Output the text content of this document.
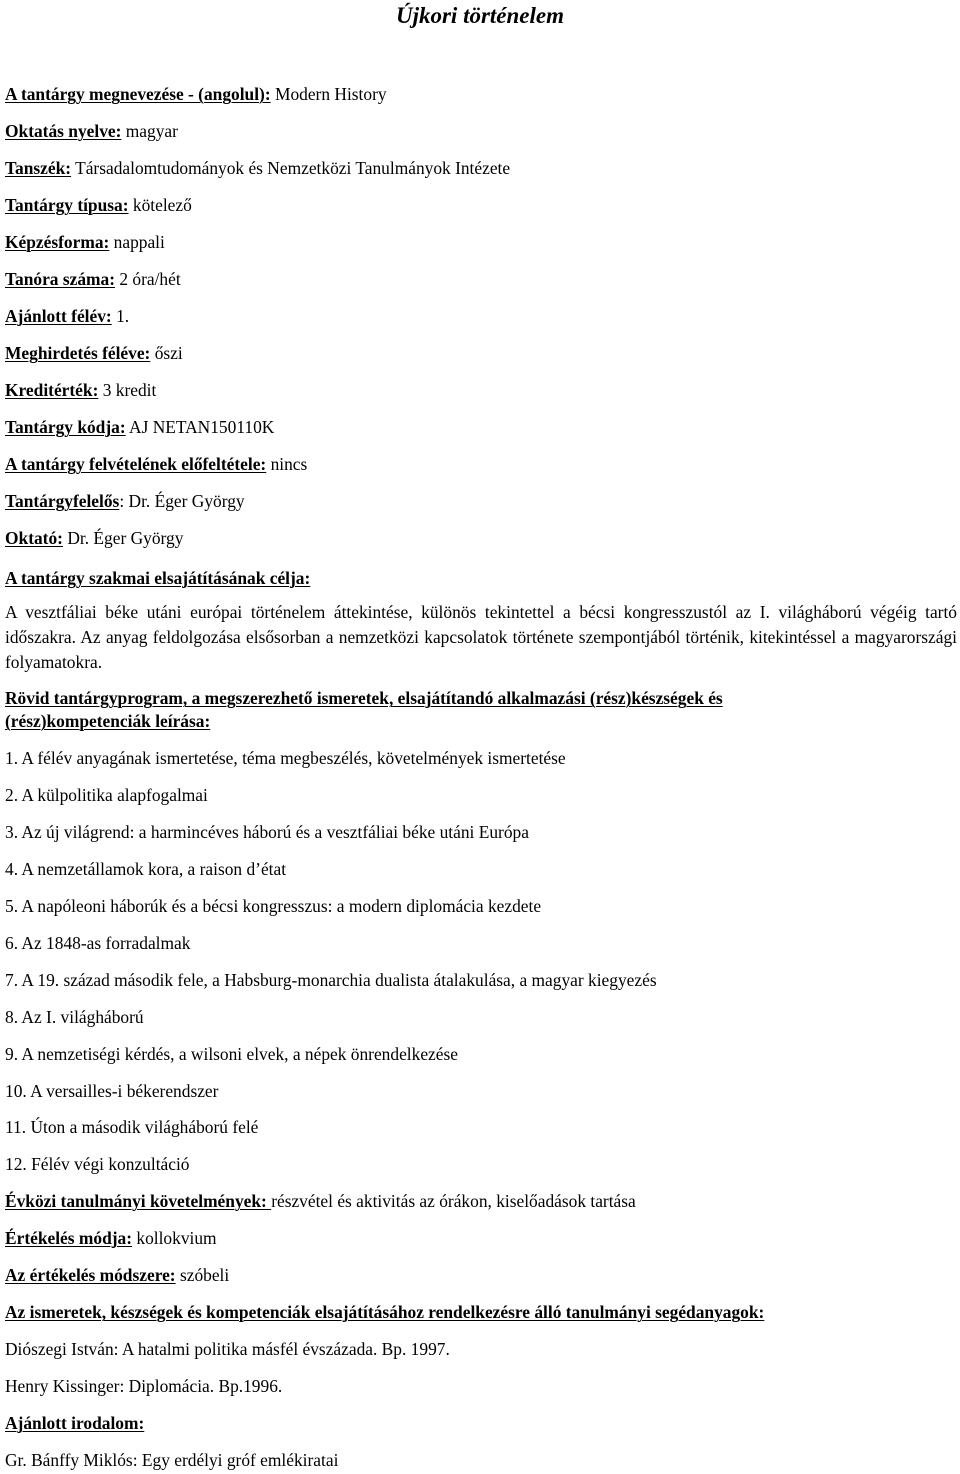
Újkori történelem
A tantárgy megnevezése - (angolul): Modern History
Oktatás nyelve: magyar
Tanszék: Társadalomtudományok és Nemzetközi Tanulmányok Intézete
Tantárgy típusa: kötelező
Képzésforma: nappali
Tanóra száma: 2 óra/hét
Ajánlott félév: 1.
Meghirdetés féléve: őszi
Kreditérték: 3 kredit
Tantárgy kódja: AJ NETAN150110K
A tantárgy felvételének előfeltétele: nincs
Tantárgyfelelős: Dr. Éger György
Oktató: Dr. Éger György
A tantárgy szakmai elsajátításának célja:
A vesztfáliai béke utáni európai történelem áttekintése, különös tekintettel a bécsi kongresszustól az I. világháború végéig tartó időszakra. Az anyag feldolgozása elsősorban a nemzetközi kapcsolatok története szempontjából történik, kitekintéssel a magyarországi folyamatokra.
Rövid tantárgyprogram, a megszerezhető ismeretek, elsajátítandó alkalmazási (rész)készségek és
(rész)kompetenciák leírása:
1. A félév anyagának ismertetése, téma megbeszélés, követelmények ismertetése
2. A külpolitika alapfogalmai
3. Az új világrend: a harmincéves háború és a vesztfáliai béke utáni Európa
4. A nemzetállamok kora, a raison d’état
5. A napóleoni háborúk és a bécsi kongresszus: a modern diplomácia kezdete
6. Az 1848-as forradalmak
7. A 19. század második fele, a Habsburg-monarchia dualista átalakulása, a magyar kiegyezés
8. Az I. világháború
9. A nemzetiségi kérdés, a wilsoni elvek, a népek önrendelkezése
10. A versailles-i békerendszer
11. Úton a második világháború felé
12. Félév végi konzultáció
Évközi tanulmányi követelmények: részvétel és aktivitás az órákon, kiselőadások tartása
Értékelés módja: kollokvium
Az értékelés módszere: szóbeli
Az ismeretek, készségek és kompetenciák elsajátításához rendelkezésre álló tanulmányi segédanyagok:
Diószegi István: A hatalmi politika másfél évszázada. Bp. 1997.
Henry Kissinger: Diplomácia. Bp.1996.
Ajánlott irodalom:
Gr. Bánffy Miklós: Egy erdélyi gróf emlékiratai
